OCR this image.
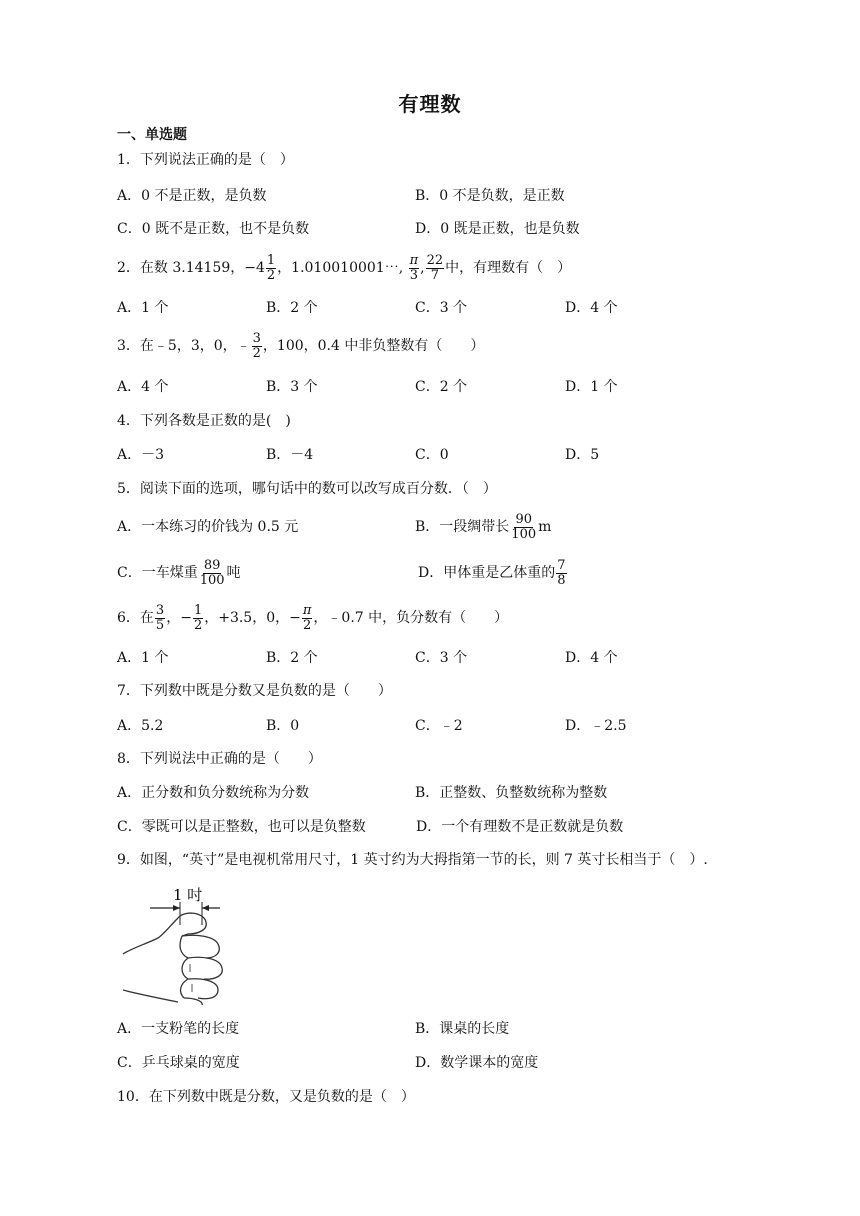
有理数
一、单选题
1．下列说法正确的是（　）
A．0 不是正数，是负数	B．0 不是负数，是正数
C．0 既不是正数，也不是负数	D．0 既是正数，也是负数
2．在数 3.14159，$-4 \frac{1}{2}$ ，1.010010001⋯, $\frac{\pi}{3}$ , $\frac{22}{7}$ 中，有理数有（　）
A．1 个	B．2 个	C．3 个	D．4 个
3．在﹣5，3，0，﹣ $\frac{3}{2}$ ，100，0.4 中非负整数有（　　）
A．4 个	B．3 个	C．2 个	D．1 个
4．下列各数是正数的是(　)
A．－3	B．－4	C．0	D．5
5．阅读下面的选项，哪句话中的数可以改写成百分数．（　）
A．一本练习的价钱为 0.5 元	B．一段绸带长 $\frac{90}{100}$ m
C．一车煤重 $\frac{89}{100}$ 吨	D．甲体重是乙体重的 $\frac{7}{8}$
6．在 $\frac{3}{5}$ ，− $\frac{1}{2}$ ，+3.5，0，− $\frac{\pi}{2}$ ，﹣0.7 中，负分数有（　　）
A．1 个	B．2 个	C．3 个	D．4 个
7．下列数中既是分数又是负数的是（　　）
A．5.2	B．0	C．﹣2	D．﹣2.5
8．下列说法中正确的是（　　）
A．正分数和负分数统称为分数	B．正整数、负整数统称为整数
C．零既可以是正整数，也可以是负整数	D．一个有理数不是正数就是负数
9．如图，“英寸”是电视机常用尺寸，1 英寸约为大拇指第一节的长，则 7 英寸长相当于（　）.
1 吋
A．一支粉笔的长度	B．课桌的长度
C．乒乓球桌的宽度	D．数学课本的宽度
10．在下列数中既是分数，又是负数的是（　）
